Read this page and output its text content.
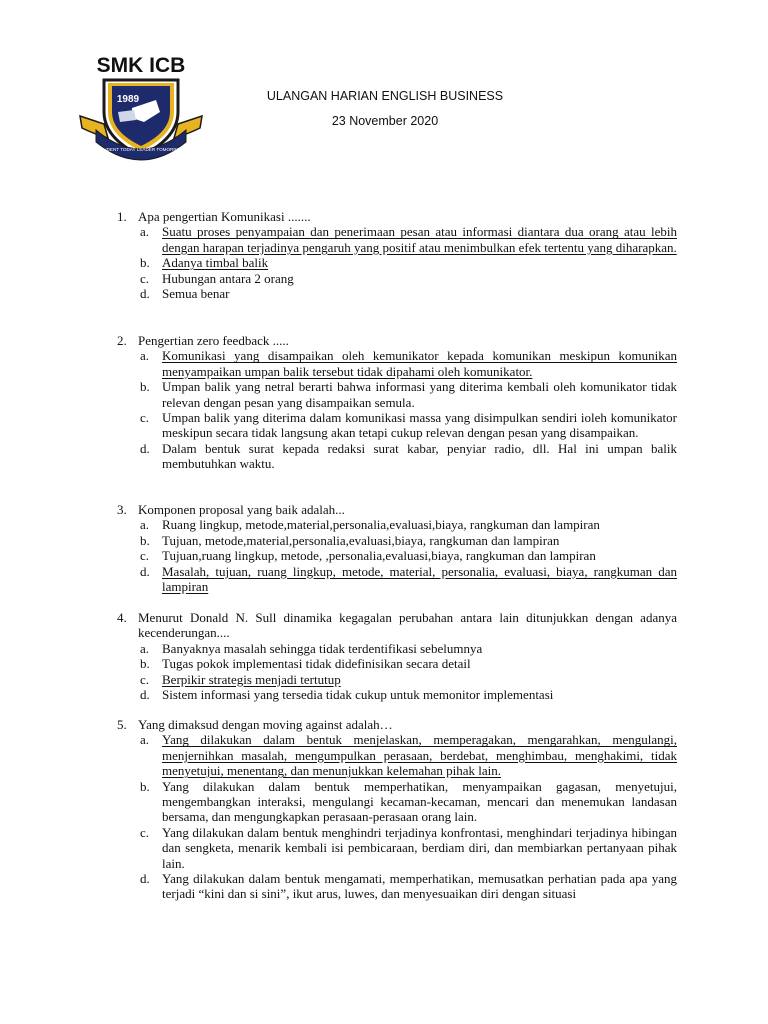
SMK ICB
1989
STUDENT TODAY LEADER TOMORROW
ULANGAN HARIAN ENGLISH BUSINESS
23 November 2020
1. Apa pengertian Komunikasi .......
a. Suatu proses penyampaian dan penerimaan pesan atau informasi diantara dua orang atau lebih dengan harapan terjadinya pengaruh yang positif atau menimbulkan efek tertentu yang diharapkan.
b. Adanya timbal balik
c. Hubungan antara 2 orang
d. Semua benar
2. Pengertian zero feedback .....
a. Komunikasi yang disampaikan oleh kemunikator kepada komunikan meskipun komunikan menyampaikan umpan balik tersebut tidak dipahami oleh komunikator.
b. Umpan balik yang netral berarti bahwa informasi yang diterima kembali oleh komunikator tidak relevan dengan pesan yang disampaikan semula.
c. Umpan balik yang diterima dalam komunikasi massa yang disimpulkan sendiri ioleh komunikator meskipun secara tidak langsung akan tetapi cukup relevan dengan pesan yang disampaikan.
d. Dalam bentuk surat kepada redaksi surat kabar, penyiar radio, dll. Hal ini umpan balik membutuhkan waktu.
3. Komponen proposal yang baik adalah...
a. Ruang lingkup, metode,material,personalia,evaluasi,biaya, rangkuman dan lampiran
b. Tujuan, metode,material,personalia,evaluasi,biaya, rangkuman dan lampiran
c. Tujuan,ruang lingkup, metode, ,personalia,evaluasi,biaya, rangkuman dan lampiran
d. Masalah, tujuan, ruang lingkup, metode, material, personalia, evaluasi, biaya, rangkuman dan lampiran
4. Menurut Donald N. Sull dinamika kegagalan perubahan antara lain ditunjukkan dengan adanya kecenderungan....
a. Banyaknya masalah sehingga tidak terdentifikasi sebelumnya
b. Tugas pokok implementasi tidak didefinisikan secara detail
c. Berpikir strategis menjadi tertutup
d. Sistem informasi yang tersedia tidak cukup untuk memonitor implementasi
5. Yang dimaksud dengan moving against adalah…
a. Yang dilakukan dalam bentuk menjelaskan, memperagakan, mengarahkan, mengulangi, menjernihkan masalah, mengumpulkan perasaan, berdebat, menghimbau, menghakimi, tidak menyetujui, menentang, dan menunjukkan kelemahan pihak lain.
b. Yang dilakukan dalam bentuk memperhatikan, menyampaikan gagasan, menyetujui, mengembangkan interaksi, mengulangi kecaman-kecaman, mencari dan menemukan landasan bersama, dan mengungkapkan perasaan-perasaan orang lain.
c. Yang dilakukan dalam bentuk menghindri terjadinya konfrontasi, menghindari terjadinya hibingan dan sengketa, menarik kembali isi pembicaraan, berdiam diri, dan membiarkan pertanyaan pihak lain.
d. Yang dilakukan dalam bentuk mengamati, memperhatikan, memusatkan perhatian pada apa yang terjadi “kini dan si sini”, ikut arus, luwes, dan menyesuaikan diri dengan situasi
